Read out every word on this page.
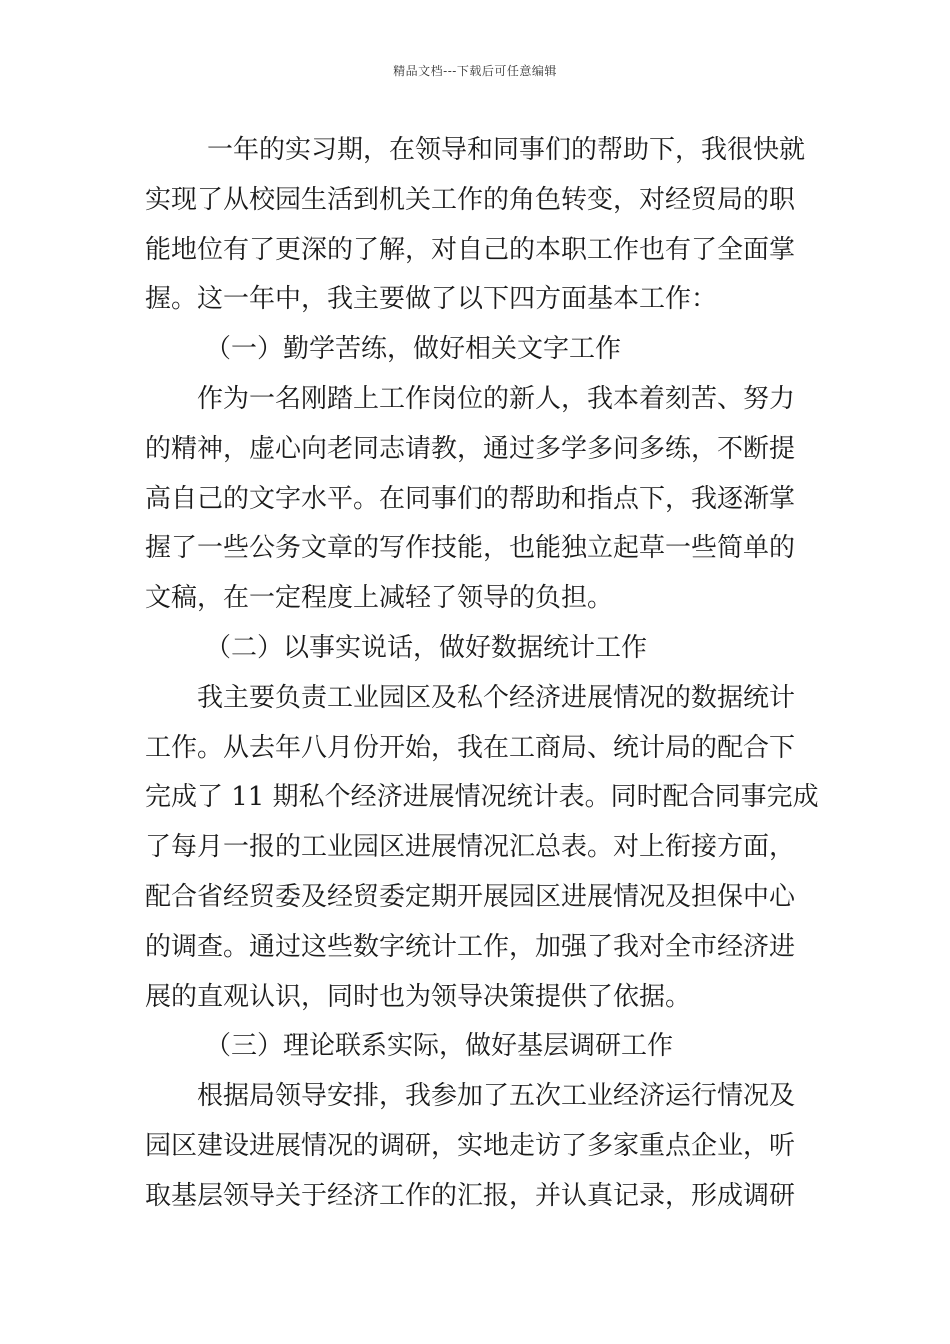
精品文档---下载后可任意编辑
一年的实习期，在领导和同事们的帮助下，我很快就
实现了从校园生活到机关工作的角色转变，对经贸局的职
能地位有了更深的了解，对自己的本职工作也有了全面掌
握。这一年中，我主要做了以下四方面基本工作：
（一）勤学苦练，做好相关文字工作
作为一名刚踏上工作岗位的新人，我本着刻苦、努力
的精神，虚心向老同志请教，通过多学多问多练，不断提
高自己的文字水平。在同事们的帮助和指点下，我逐渐掌
握了一些公务文章的写作技能，也能独立起草一些简单的
文稿，在一定程度上减轻了领导的负担。
（二）以事实说话，做好数据统计工作
我主要负责工业园区及私个经济进展情况的数据统计
工作。从去年八月份开始，我在工商局、统计局的配合下
完成了 11 期私个经济进展情况统计表。同时配合同事完成
了每月一报的工业园区进展情况汇总表。对上衔接方面，
配合省经贸委及经贸委定期开展园区进展情况及担保中心
的调查。通过这些数字统计工作，加强了我对全市经济进
展的直观认识，同时也为领导决策提供了依据。
（三）理论联系实际，做好基层调研工作
根据局领导安排，我参加了五次工业经济运行情况及
园区建设进展情况的调研，实地走访了多家重点企业，听
取基层领导关于经济工作的汇报，并认真记录，形成调研
